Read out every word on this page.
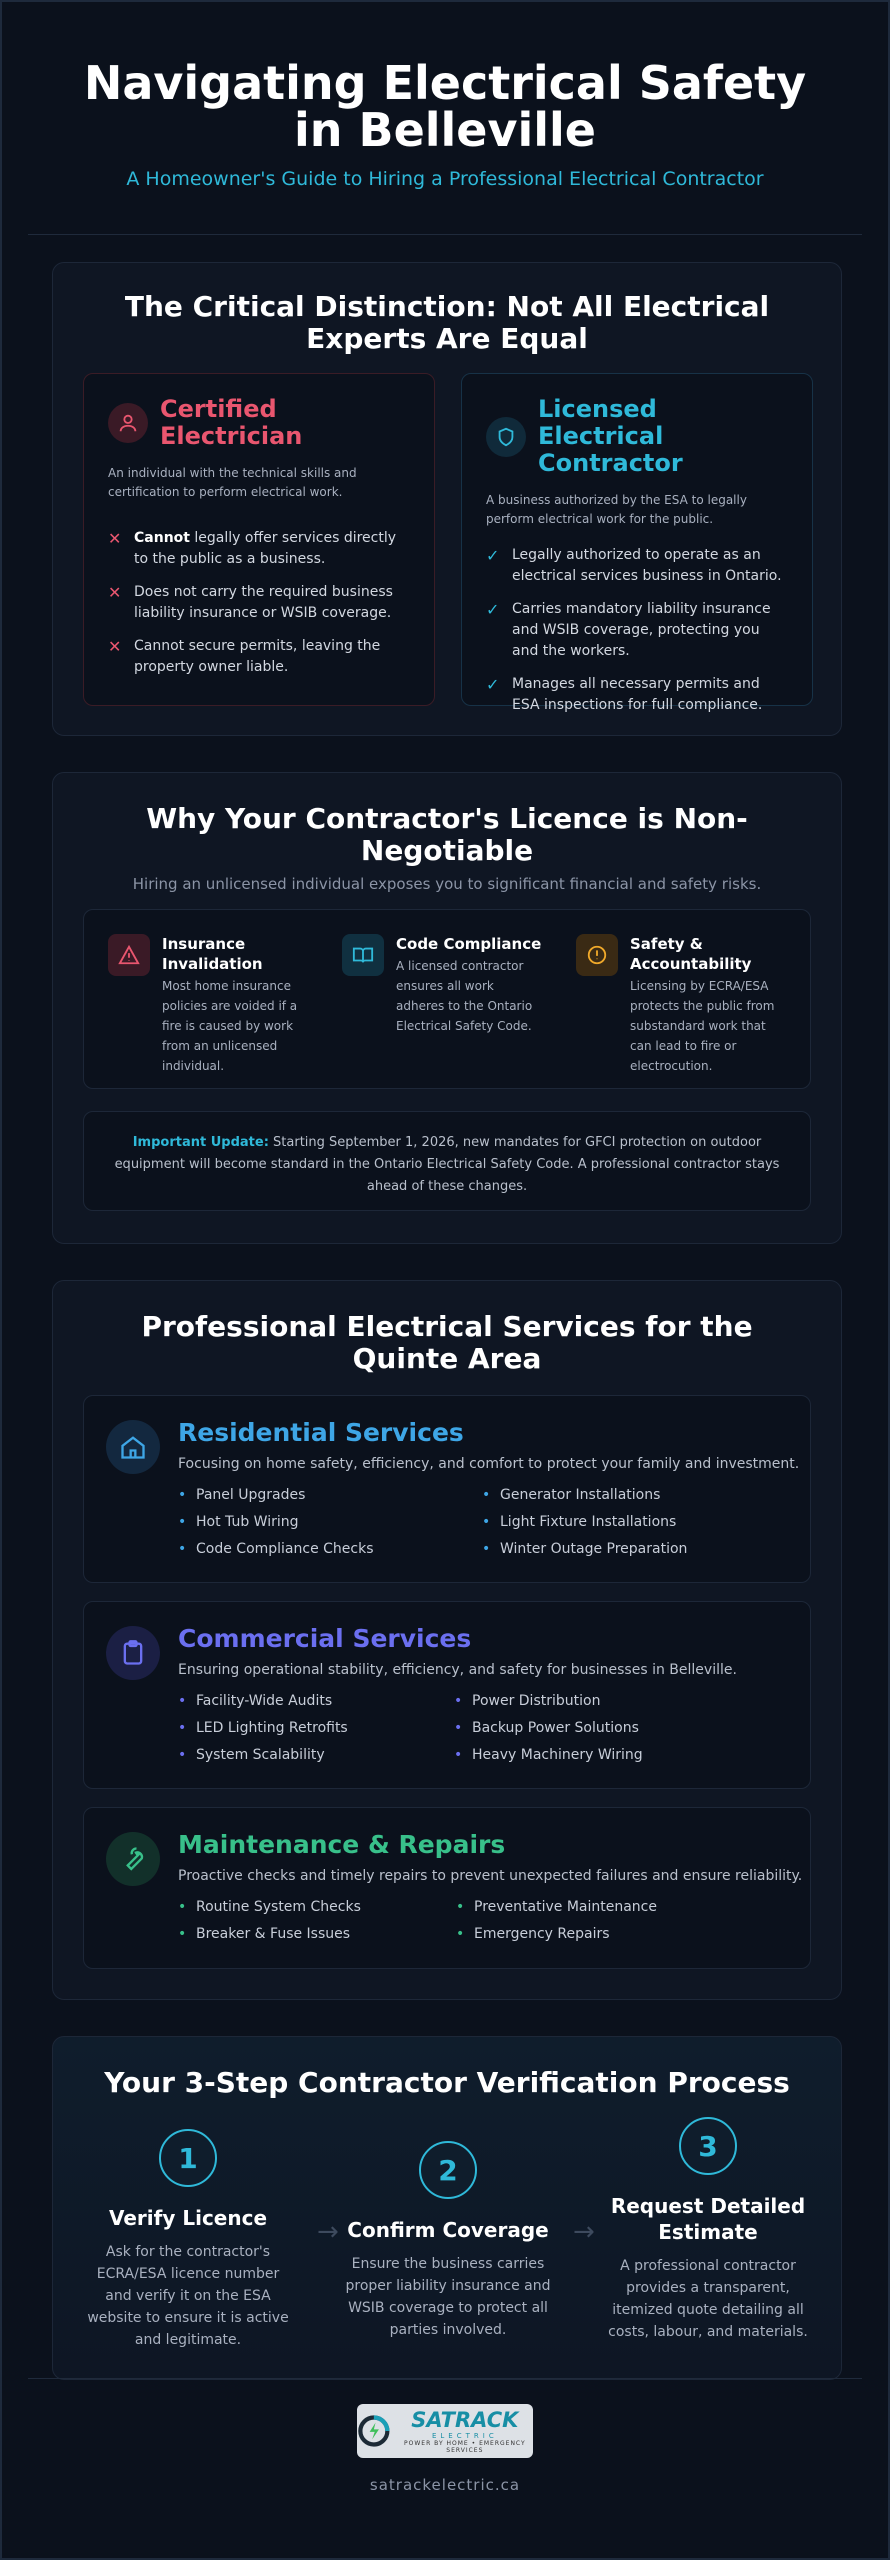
Navigating Electrical Safety in Belleville
A Homeowner's Guide to Hiring a Professional Electrical Contractor
The Critical Distinction: Not All Electrical Experts Are Equal
Certified Electrician
An individual with the technical skills and certification to perform electrical work.
✕ Cannot legally offer services directly to the public as a business.
✕ Does not carry the required business liability insurance or WSIB coverage.
✕ Cannot secure permits, leaving the property owner liable.
Licensed Electrical Contractor
A business authorized by the ESA to legally perform electrical work for the public.
✓ Legally authorized to operate as an electrical services business in Ontario.
✓ Carries mandatory liability insurance and WSIB coverage, protecting you and the workers.
✓ Manages all necessary permits and ESA inspections for full compliance.
Why Your Contractor's Licence is Non-Negotiable
Hiring an unlicensed individual exposes you to significant financial and safety risks.
Insurance Invalidation
Most home insurance policies are voided if a fire is caused by work from an unlicensed individual.
Code Compliance
A licensed contractor ensures all work adheres to the Ontario Electrical Safety Code.
Safety & Accountability
Licensing by ECRA/ESA protects the public from substandard work that can lead to fire or electrocution.
Important Update: Starting September 1, 2026, new mandates for GFCI protection on outdoor equipment will become standard in the Ontario Electrical Safety Code. A professional contractor stays ahead of these changes.
Professional Electrical Services for the Quinte Area
Residential Services
Focusing on home safety, efficiency, and comfort to protect your family and investment.
• Panel Upgrades
• Hot Tub Wiring
• Code Compliance Checks
• Generator Installations
• Light Fixture Installations
• Winter Outage Preparation
Commercial Services
Ensuring operational stability, efficiency, and safety for businesses in Belleville.
• Facility-Wide Audits
• LED Lighting Retrofits
• System Scalability
• Power Distribution
• Backup Power Solutions
• Heavy Machinery Wiring
Maintenance & Repairs
Proactive checks and timely repairs to prevent unexpected failures and ensure reliability.
• Routine System Checks
• Breaker & Fuse Issues
• Preventative Maintenance
• Emergency Repairs
Your 3-Step Contractor Verification Process
1
Verify Licence
Ask for the contractor's ECRA/ESA licence number and verify it on the ESA website to ensure it is active and legitimate.
→
2
Confirm Coverage
Ensure the business carries proper liability insurance and WSIB coverage to protect all parties involved.
→
3
Request Detailed Estimate
A professional contractor provides a transparent, itemized quote detailing all costs, labour, and materials.
SATRACK
ELECTRIC
POWER BY HOME • EMERGENCY SERVICES
satrackelectric.ca
